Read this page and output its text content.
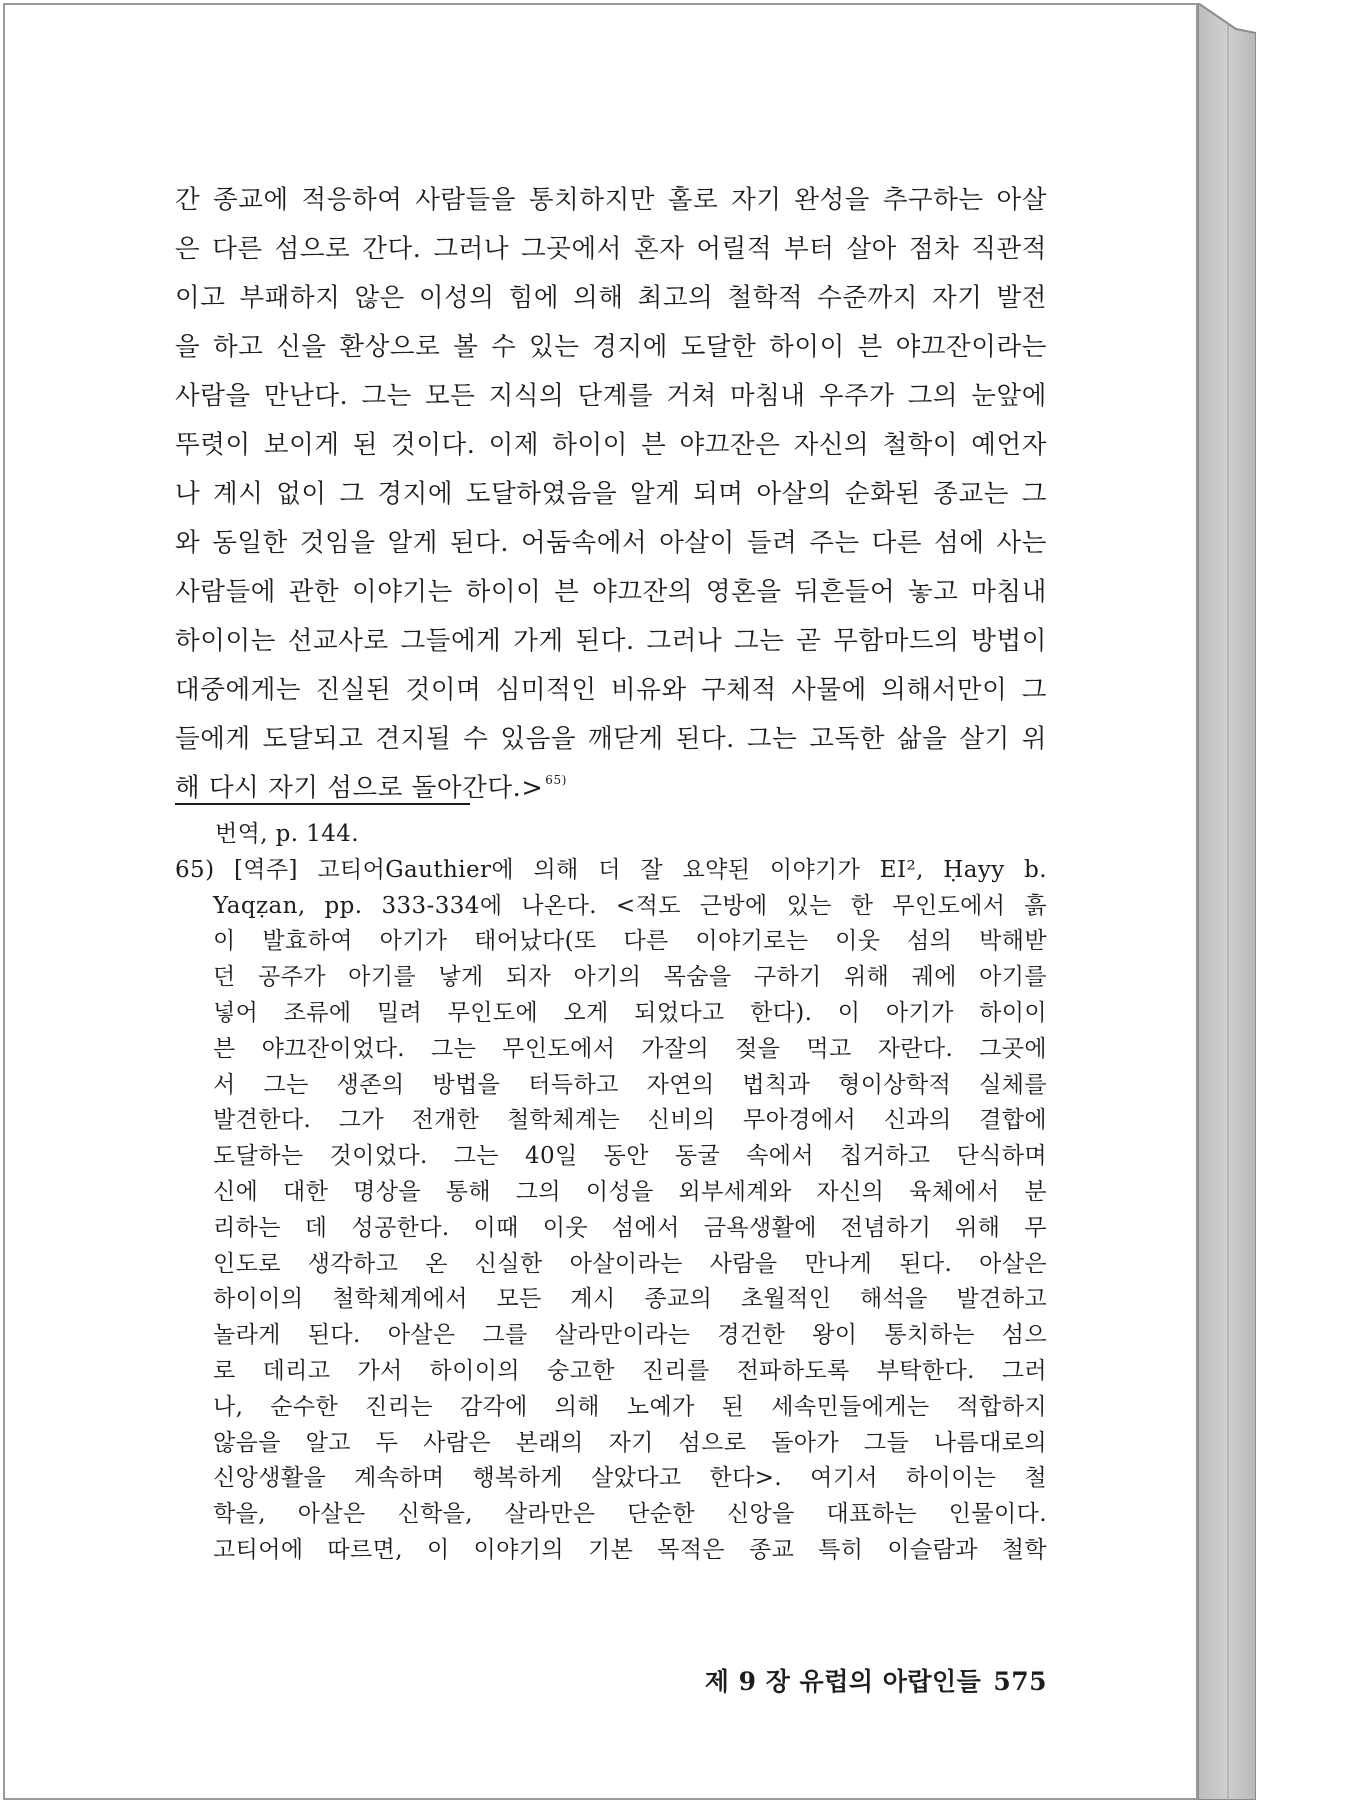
간 종교에 적응하여 사람들을 통치하지만 홀로 자기 완성을 추구하는 아살
은 다른 섬으로 간다. 그러나 그곳에서 혼자 어릴적 부터 살아 점차 직관적
이고 부패하지 않은 이성의 힘에 의해 최고의 철학적 수준까지 자기 발전
을 하고 신을 환상으로 볼 수 있는 경지에 도달한 하이이 븐 야끄잔이라는
사람을 만난다. 그는 모든 지식의 단계를 거쳐 마침내 우주가 그의 눈앞에
뚜렷이 보이게 된 것이다. 이제 하이이 븐 야끄잔은 자신의 철학이 예언자
나 계시 없이 그 경지에 도달하였음을 알게 되며 아살의 순화된 종교는 그
와 동일한 것임을 알게 된다. 어둠속에서 아살이 들려 주는 다른 섬에 사는
사람들에 관한 이야기는 하이이 븐 야끄잔의 영혼을 뒤흔들어 놓고 마침내
하이이는 선교사로 그들에게 가게 된다. 그러나 그는 곧 무함마드의 방법이
대중에게는 진실된 것이며 심미적인 비유와 구체적 사물에 의해서만이 그
들에게 도달되고 견지될 수 있음을 깨닫게 된다. 그는 고독한 삶을 살기 위
해 다시 자기 섬으로 돌아간다.> $^{65)}$
번역, p. 144.
65) [역주] 고티어Gauthier에 의해 더 잘 요약된 이야기가 EI², Ḥayy b.
Yaqẓan, pp. 333-334에 나온다. <적도 근방에 있는 한 무인도에서 흙
이 발효하여 아기가 태어났다(또 다른 이야기로는 이웃 섬의 박해받
던 공주가 아기를 낳게 되자 아기의 목숨을 구하기 위해 궤에 아기를
넣어 조류에 밀려 무인도에 오게 되었다고 한다). 이 아기가 하이이
븐 야끄잔이었다. 그는 무인도에서 가잘의 젖을 먹고 자란다. 그곳에
서 그는 생존의 방법을 터득하고 자연의 법칙과 형이상학적 실체를
발견한다. 그가 전개한 철학체계는 신비의 무아경에서 신과의 결합에
도달하는 것이었다. 그는 40일 동안 동굴 속에서 칩거하고 단식하며
신에 대한 명상을 통해 그의 이성을 외부세계와 자신의 육체에서 분
리하는 데 성공한다. 이때 이웃 섬에서 금욕생활에 전념하기 위해 무
인도로 생각하고 온 신실한 아살이라는 사람을 만나게 된다. 아살은
하이이의 철학체계에서 모든 계시 종교의 초월적인 해석을 발견하고
놀라게 된다. 아살은 그를 살라만이라는 경건한 왕이 통치하는 섬으
로 데리고 가서 하이이의 숭고한 진리를 전파하도록 부탁한다. 그러
나, 순수한 진리는 감각에 의해 노예가 된 세속민들에게는 적합하지
않음을 알고 두 사람은 본래의 자기 섬으로 돌아가 그들 나름대로의
신앙생활을 계속하며 행복하게 살았다고 한다>. 여기서 하이이는 철
학을, 아살은 신학을, 살라만은 단순한 신앙을 대표하는 인물이다.
고티어에 따르면, 이 이야기의 기본 목적은 종교 특히 이슬람과 철학
제 9 장 유럽의 아랍인들 575
